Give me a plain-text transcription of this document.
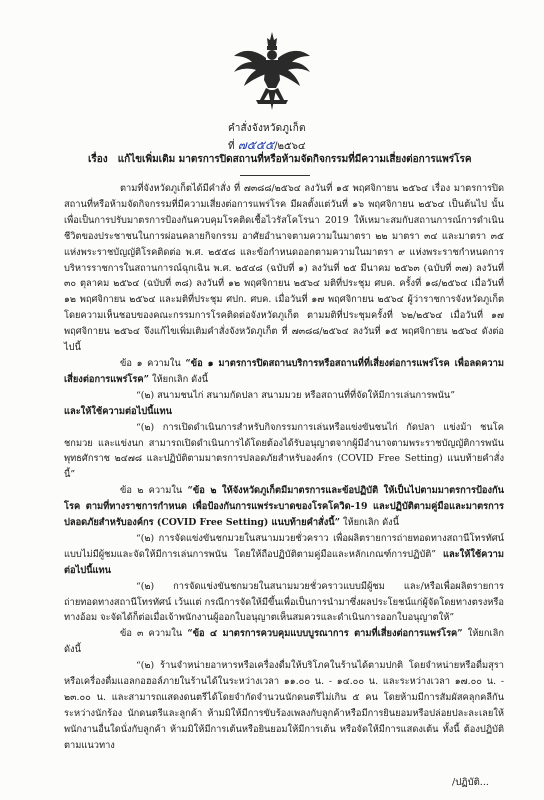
คำสั่งจังหวัดภูเก็ต
ที่ ๗๕๕๕/๒๕๖๔
เรื่อง แก้ไขเพิ่มเติม มาตรการปิดสถานที่หรือห้ามจัดกิจกรรมที่มีความเสี่ยงต่อการแพร่โรค

ตามที่จังหวัดภูเก็ตได้มีคำสั่ง ที่ ๗๓๘๘/๒๕๖๔ ลงวันที่ ๑๕ พฤศจิกายน ๒๕๖๔ เรื่อง มาตรการปิดสถานที่หรือห้ามจัดกิจกรรมที่มีความเสี่ยงต่อการแพร่โรค มีผลตั้งแต่วันที่ ๑๖ พฤศจิกายน ๒๕๖๔ เป็นต้นไป นั้น เพื่อเป็นการปรับมาตรการป้องกันควบคุมโรคติดเชื้อไวรัสโคโรนา 2019 ให้เหมาะสมกับสถานการณ์การดำเนินชีวิตของประชาชนในการผ่อนคลายกิจกรรม อาศัยอำนาจตามความในมาตรา ๒๒ มาตรา ๓๔ และมาตรา ๓๕ แห่งพระราชบัญญัติโรคติดต่อ พ.ศ. ๒๕๕๘ และข้อกำหนดออกตามความในมาตรา ๙ แห่งพระราชกำหนดการบริหารราชการในสถานการณ์ฉุกเฉิน พ.ศ. ๒๕๔๘ (ฉบับที่ ๑) ลงวันที่ ๒๕ มีนาคม ๒๕๖๓ (ฉบับที่ ๓๗) ลงวันที่ ๓๐ ตุลาคม ๒๕๖๔ (ฉบับที่ ๓๘) ลงวันที่ ๑๒ พฤศจิกายน ๒๕๖๔ มติที่ประชุม ศบค. ครั้งที่ ๑๘/๒๕๖๔ เมื่อวันที่ ๑๒ พฤศจิกายน ๒๕๖๔ และมติที่ประชุม ศปก. ศบค. เมื่อวันที่ ๑๗ พฤศจิกายน ๒๕๖๔ ผู้ว่าราชการจังหวัดภูเก็ต โดยความเห็นชอบของคณะกรรมการโรคติดต่อจังหวัดภูเก็ต ตามมติที่ประชุมครั้งที่ ๖๒/๒๕๖๔ เมื่อวันที่ ๑๗ พฤศจิกายน ๒๕๖๔ จึงแก้ไขเพิ่มเติมคำสั่งจังหวัดภูเก็ต ที่ ๗๓๘๘/๒๕๖๔ ลงวันที่ ๑๕ พฤศจิกายน ๒๕๖๔ ดังต่อไปนี้

ข้อ ๑ ความใน “ข้อ ๑ มาตรการปิดสถานบริการหรือสถานที่ที่เสี่ยงต่อการแพร่โรค เพื่อลดความเสี่ยงต่อการแพร่โรค” ให้ยกเลิก ดังนี้

“(๒) สนามชนไก่ สนามกัดปลา สนามมวย หรือสถานที่ที่จัดให้มีการเล่นการพนัน”

และให้ใช้ความต่อไปนี้แทน

“(๒) การเปิดดำเนินการสำหรับกิจกรรมการเล่นหรือแข่งขันชนไก่ กัดปลา แข่งม้า ชนโค ชกมวย และแข่งนก สามารถเปิดดำเนินการได้โดยต้องได้รับอนุญาตจากผู้มีอำนาจตามพระราชบัญญัติการพนัน พุทธศักราช ๒๔๗๘ และปฏิบัติตามมาตรการปลอดภัยสำหรับองค์กร (COVID Free Setting) แนบท้ายคำสั่งนี้”

ข้อ ๒ ความใน “ข้อ ๒ ให้จังหวัดภูเก็ตมีมาตรการและข้อปฏิบัติ ให้เป็นไปตามมาตรการป้องกันโรค ตามที่ทางราชการกำหนด เพื่อป้องกันการแพร่ระบาดของโรคโควิด-19 และปฏิบัติตามคู่มือและมาตรการปลอดภัยสำหรับองค์กร (COVID Free Setting) แนบท้ายคำสั่งนี้” ให้ยกเลิก ดังนี้

“(๒) การจัดแข่งขันชกมวยในสนามมวยชั่วคราว เพื่อผลิตรายการถ่ายทอดทางสถานีโทรทัศน์ แบบไม่มีผู้ชมและจัดให้มีการเล่นการพนัน โดยให้ถือปฏิบัติตามคู่มือและหลักเกณฑ์การปฏิบัติ” และให้ใช้ความต่อไปนี้แทน

“(๒) การจัดแข่งขันชกมวยในสนามมวยชั่วคราวแบบมีผู้ชม และ/หรือเพื่อผลิตรายการถ่ายทอดทางสถานีโทรทัศน์ เว้นแต่ กรณีการจัดให้มีขึ้นเพื่อเป็นการนำมาซึ่งผลประโยชน์แก่ผู้จัดโดยทางตรงหรือทางอ้อม จะจัดได้ก็ต่อเมื่อเจ้าพนักงานผู้ออกใบอนุญาตเห็นสมควรและดำเนินการออกใบอนุญาตให้”

ข้อ ๓ ความใน “ข้อ ๔ มาตรการควบคุมแบบบูรณาการ ตามที่เสี่ยงต่อการแพร่โรค” ให้ยกเลิก ดังนี้

“(๒) ร้านจำหน่ายอาหารหรือเครื่องดื่มให้บริโภคในร้านได้ตามปกติ โดยจำหน่ายหรือดื่มสุราหรือเครื่องดื่มแอลกอฮอล์ภายในร้านได้ในระหว่างเวลา ๑๑.๐๐ น. - ๑๔.๐๐ น. และระหว่างเวลา ๑๗.๐๐ น. - ๒๓.๐๐ น. และสามารถแสดงดนตรีได้โดยจำกัดจำนวนนักดนตรีไม่เกิน ๕ คน โดยห้ามมีการสัมผัสคลุกคลีกันระหว่างนักร้อง นักดนตรีและลูกค้า ห้ามมิให้มีการขับร้องเพลงกับลูกค้าหรือมีการยินยอมหรือปล่อยปละละเลยให้พนักงานอื่นใดนั่งกับลูกค้า ห้ามมิให้มีการเต้นหรือยินยอมให้มีการเต้น หรือจัดให้มีการแสดงเต้น ทั้งนี้ ต้องปฏิบัติตามแนวทาง

/ปฏิบัติ...
